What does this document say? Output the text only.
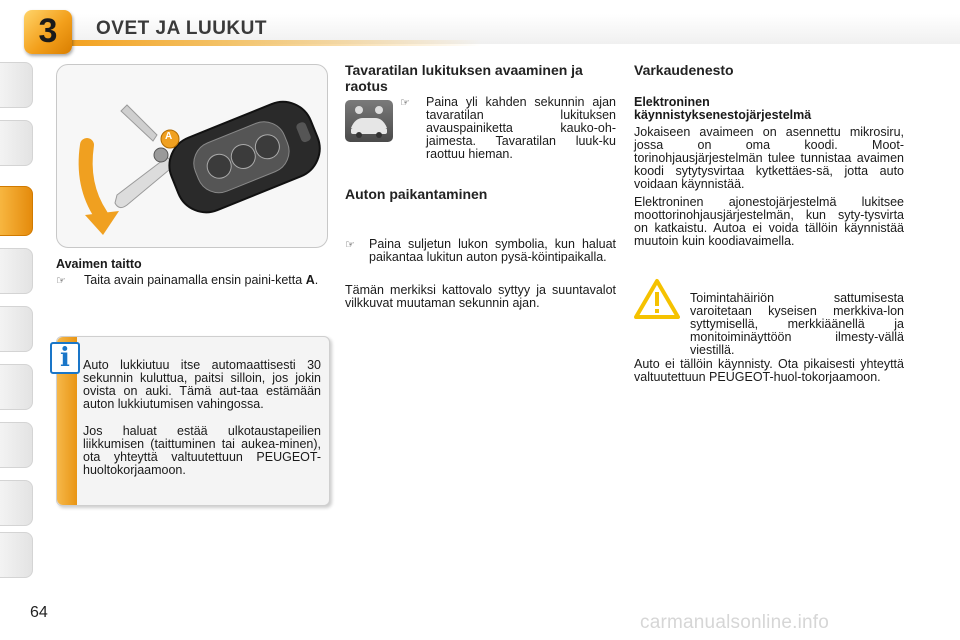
OVET JA LUUKUT
3
A
Avaimen taitto
☞	Taita avain painamalla ensin paini-ketta A.
Auto lukkiutuu itse automaattisesti 30 sekunnin kuluttua, paitsi silloin, jos jokin ovista on auki. Tämä aut-taa estämään auton lukkiutumisen vahingossa.
Jos haluat estää ulkotaustapeilien liikkumisen (taittuminen tai aukea-minen), ota yhteyttä valtuutettuun PEUGEOT-huoltokorjaamoon.
i
Tavaratilan lukituksen avaaminen ja raotus
☞	Paina yli kahden sekunnin ajan tavaratilan lukituksen avauspainiketta kauko-oh-jaimesta. Tavaratilan luuk-ku raottuu hieman.
Auton paikantaminen
☞	Paina suljetun lukon symbolia, kun haluat paikantaa lukitun auton pysä-köintipaikalla.
Tämän merkiksi kattovalo syttyy ja suuntavalot vilkkuvat muutaman sekunnin ajan.
Varkaudenesto
Elektroninen käynnistyksenestojärjestelmä
Jokaiseen avaimeen on asennettu mikrosiru, jossa on oma koodi. Moot-torinohjausjärjestelmän tulee tunnistaa avaimen koodi sytytysvirtaa kytkettäes-sä, jotta auto voidaan käynnistää.
Elektroninen ajonestojärjestelmä lukitsee moottorinohjausjärjestelmän, kun syty-tysvirta on katkaistu. Autoa ei voida tällöin käynnistää muutoin kuin koodiavaimella.
Toimintahäiriön sattumisesta varoitetaan kyseisen merkkiva-lon syttymisellä, merkkiäänellä ja monitoiminäyttöön ilmesty-vällä viestillä.
Auto ei tällöin käynnisty. Ota pikaisesti yhteyttä valtuutettuun PEUGEOT-huol-tokorjaamoon.
64	carmanualsonline.info
